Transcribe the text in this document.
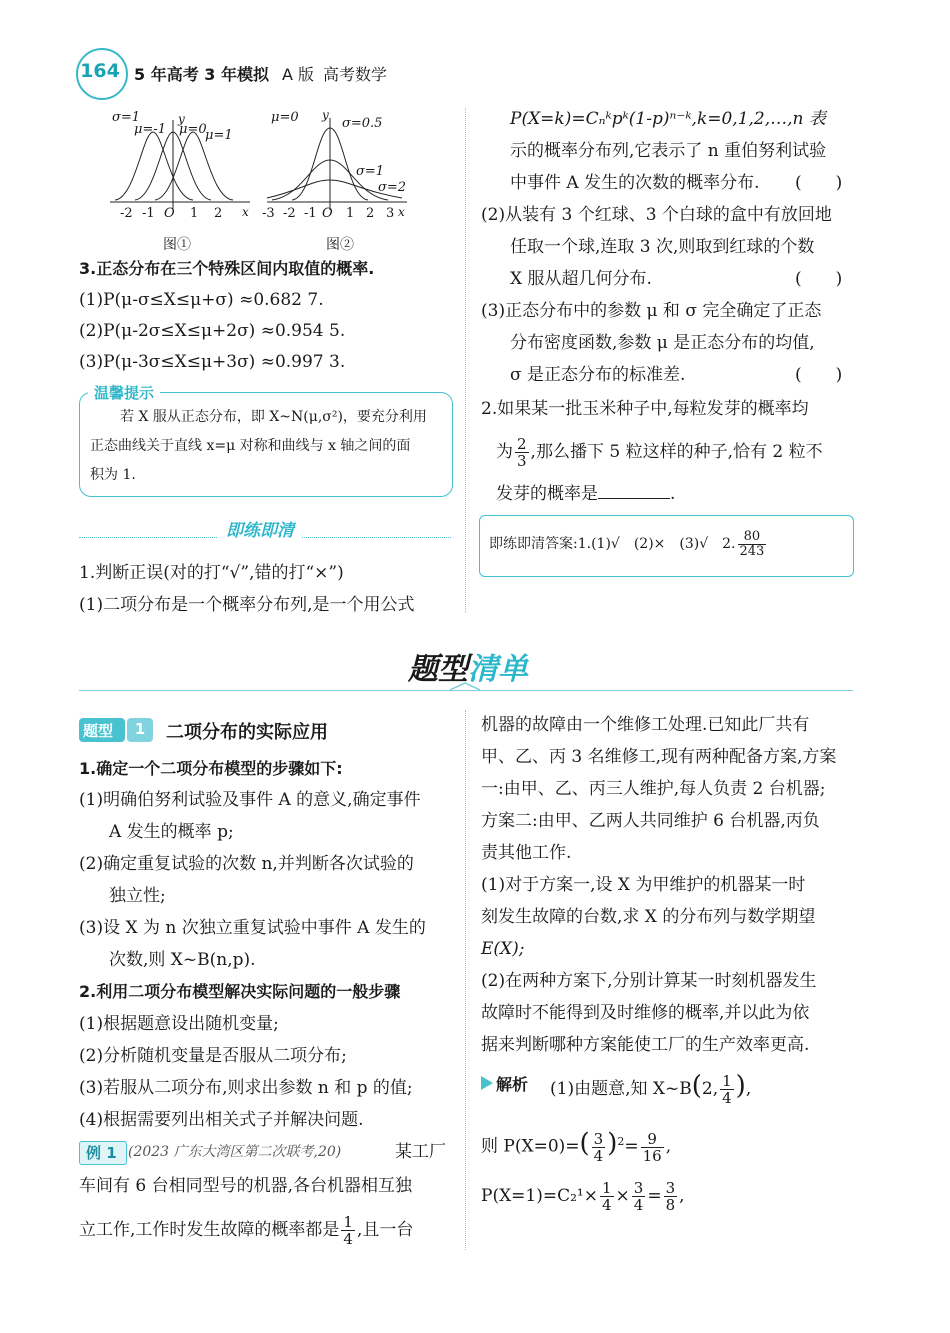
164 5 年高考 3 年模拟 A 版 高考数学
σ=1
μ=-1 μ=0
μ=1
y
x
-2 -1 O 1 2
图①
μ=0	σ=0.5
σ=1
σ=2
y
x
-3 -2 -1 O 1 2 3
图②
3.正态分布在三个特殊区间内取值的概率.
(1)P(μ-σ≤X≤μ+σ) ≈0.682 7.
(2)P(μ-2σ≤X≤μ+2σ) ≈0.954 5.
(3)P(μ-3σ≤X≤μ+3σ) ≈0.997 3.
温馨提示
若 X 服从正态分布，即 X~N(μ,σ²)，要充分利用
正态曲线关于直线 x=μ 对称和曲线与 x 轴之间的面
积为 1.
即练即清
1.判断正误(对的打“√”,错的打“×”)
(1)二项分布是一个概率分布列,是一个用公式
P(X=k)=Cₙᵏpᵏ(1-p)ⁿ⁻ᵏ,k=0,1,2,…,n 表
示的概率分布列,它表示了 n 重伯努利试验
中事件 A 发生的次数的概率分布. (　　)
(2)从装有 3 个红球、3 个白球的盒中有放回地
任取一个球,连取 3 次,则取到红球的个数
X 服从超几何分布.	(　　)
(3)正态分布中的参数 μ 和 σ 完全确定了正态
分布密度函数,参数 μ 是正态分布的均值,
σ 是正态分布的标准差.	(　　)
2.如果某一批玉米种子中,每粒发芽的概率均
为 $\frac{2}{3}$ ,那么播下 5 粒这样的种子,恰有 2 粒不
发芽的概率是	.
即练即清答案:1.(1)√　(2)×　(3)√　2. $\frac{80}{243}$
题型清单
题型	1	二项分布的实际应用
1.确定一个二项分布模型的步骤如下:
(1)明确伯努利试验及事件 A 的意义,确定事件
A 发生的概率 p;
(2)确定重复试验的次数 n,并判断各次试验的
独立性;
(3)设 X 为 n 次独立重复试验中事件 A 发生的
次数,则 X~B(n,p).
2.利用二项分布模型解决实际问题的一般步骤
(1)根据题意设出随机变量;
(2)分析随机变量是否服从二项分布;
(3)若服从二项分布,则求出参数 n 和 p 的值;
(4)根据需要列出相关式子并解决问题.
例 1 (2023 广东大湾区第二次联考,20)	某工厂
车间有 6 台相同型号的机器,各台机器相互独
立工作,工作时发生故障的概率都是 $\frac{1}{4}$ ,且一台
机器的故障由一个维修工处理.已知此厂共有
甲、乙、丙 3 名维修工,现有两种配备方案,方案
一:由甲、乙、丙三人维护,每人负责 2 台机器;
方案二:由甲、乙两人共同维护 6 台机器,丙负
责其他工作.
(1)对于方案一,设 X 为甲维护的机器某一时
刻发生故障的台数,求 X 的分布列与数学期望
E(X);
(2)在两种方案下,分别计算某一时刻机器发生
故障时不能得到及时维修的概率,并以此为依
据来判断哪种方案能使工厂的生产效率更高.
解析 (1)由题意,知 X~B(2, $\frac{1}{4}$ ),
则 $P(X=0)=( \frac{3}{4} )^2= \frac{9}{16}$ ,
$P(X=1)=C_2^1\times \frac{1}{4} \times \frac{3}{4} = \frac{3}{8}$ ,
